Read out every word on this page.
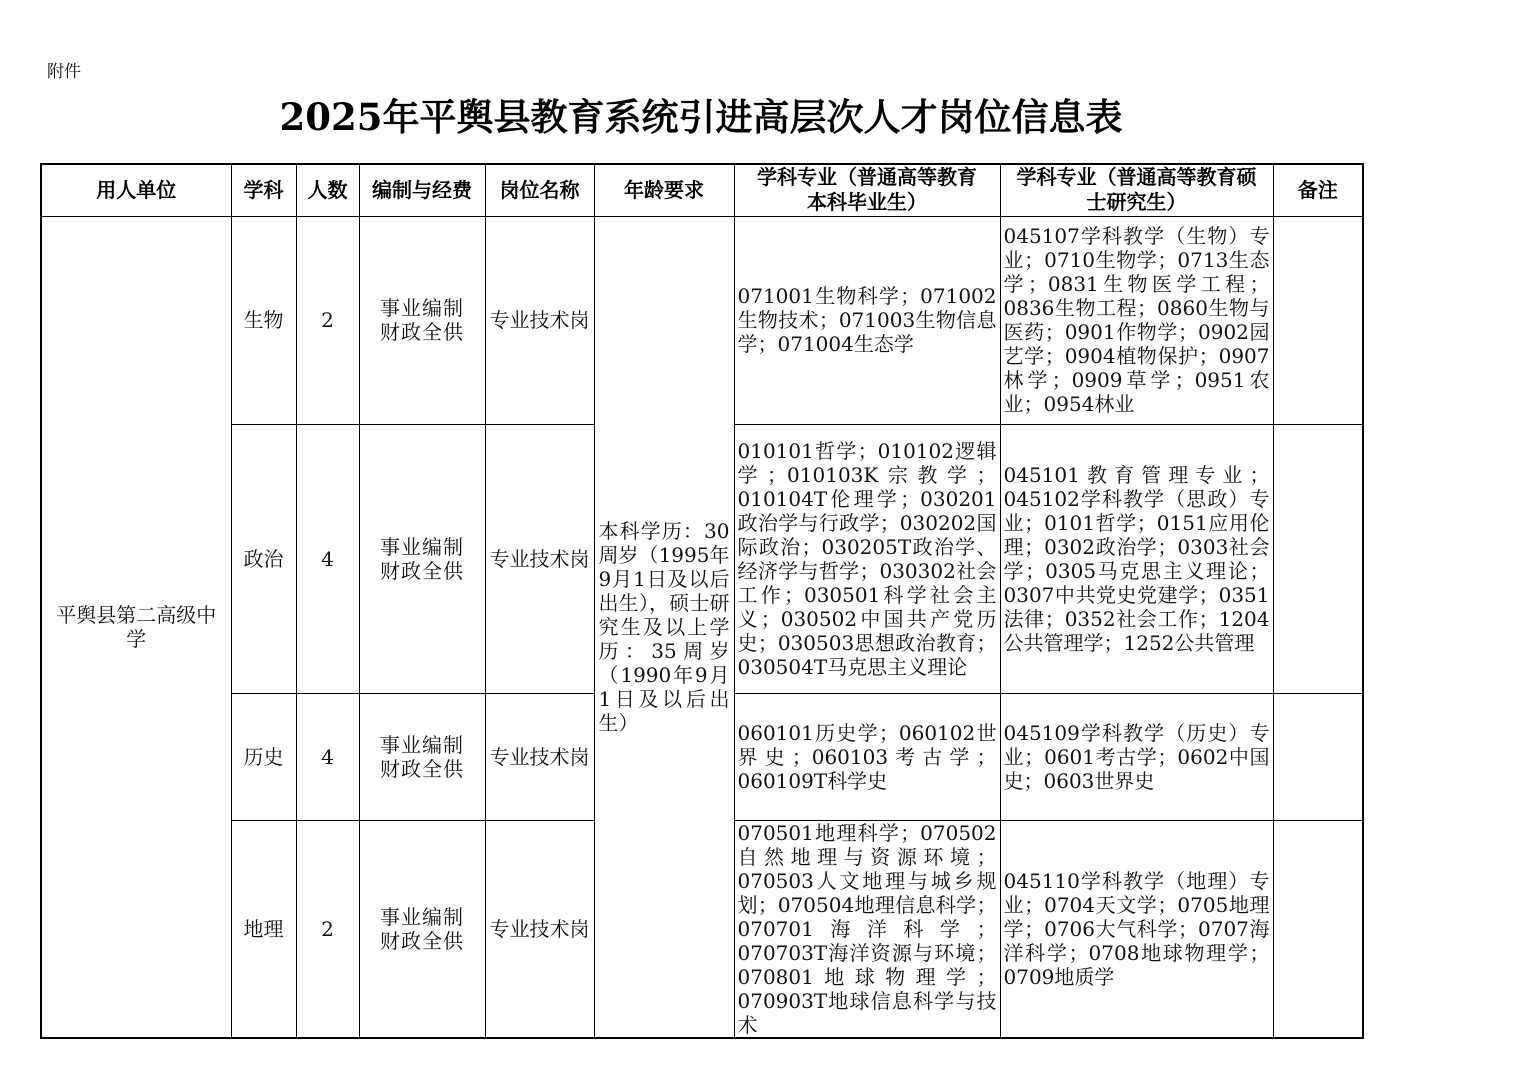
附件
2025年平舆县教育系统引进高层次人才岗位信息表
用人单位	学科	人数	编制与经费	岗位名称	年龄要求	学科专业（普通高等教育
本科毕业生）	学科专业（普通高等教育硕
士研究生）	备注
平舆县第二高级中学	生物	2	事业编制
财政全供	专业技术岗	本科学历：30周岁（1995年9月1日及以后出生），硕士研究生及以上学历：35周岁（1990年9月1日及以后出生）	071001生物科学；071002生物技术；071003生物信息学；071004生态学	045107学科教学（生物）专业；0710生物学；0713生态学；0831生物医学工程；0836生物工程；0860生物与医药；0901作物学；0902园艺学；0904植物保护；0907林学；0909草学；0951农业；0954林业	
	政治	4	事业编制
财政全供	专业技术岗		010101哲学；010102逻辑学；010103K宗教学；010104T伦理学；030201政治学与行政学；030202国际政治；030205T政治学、经济学与哲学；030302社会工作；030501科学社会主义；030502中国共产党历史；030503思想政治教育；030504T马克思主义理论	045101教育管理专业；045102学科教学（思政）专业；0101哲学；0151应用伦理；0302政治学；0303社会学；0305马克思主义理论；0307中共党史党建学；0351法律；0352社会工作；1204公共管理学；1252公共管理	
	历史	4	事业编制
财政全供	专业技术岗		060101历史学；060102世界史；060103考古学；060109T科学史	045109学科教学（历史）专业；0601考古学；0602中国史；0603世界史	
	地理	2	事业编制
财政全供	专业技术岗		070501地理科学；070502自然地理与资源环境；070503人文地理与城乡规划；070504地理信息科学；070701海洋科学；070703T海洋资源与环境；070801地球物理学；070903T地球信息科学与技术	045110学科教学（地理）专业；0704天文学；0705地理学；0706大气科学；0707海洋科学；0708地球物理学；0709地质学	
